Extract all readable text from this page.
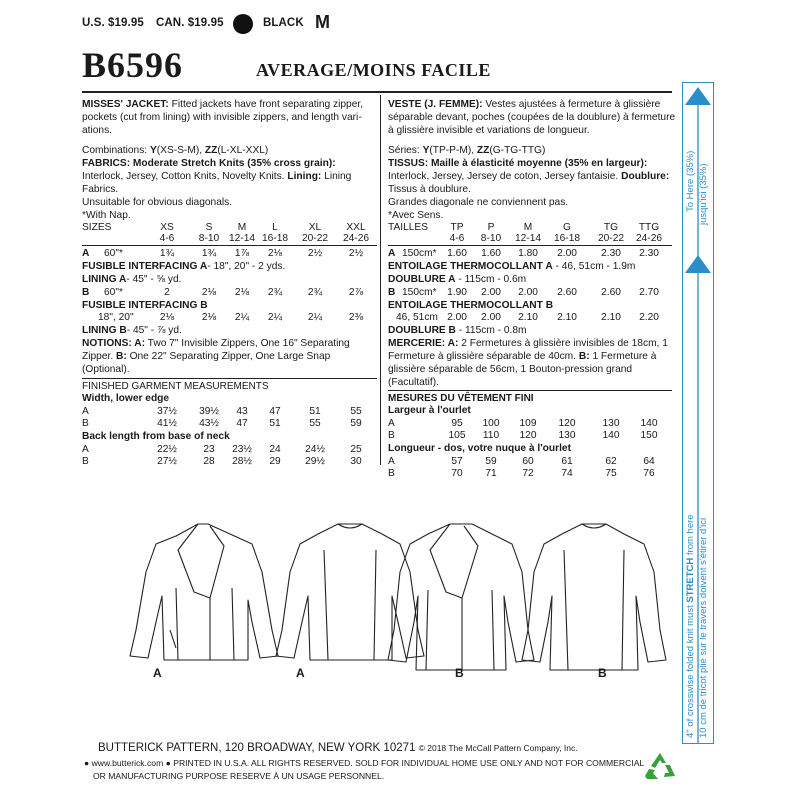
U.S. $19.95 CAN. $19.95	BLACK M
B6596	AVERAGE/MOINS FACILE
MISSES' JACKET: Fitted jackets have front separating zipper,
pockets (cut from lining) with invisible zippers, and length vari-
ations.
Combinations: Y(XS-S-M), ZZ(L-XL-XXL)
FABRICS: Moderate Stretch Knits (35% cross grain):
Interlock, Jersey, Cotton Knits, Novelty Knits. Lining: Lining
Fabrics.
Unsuitable for obvious diagonals.
*With Nap.
SIZES	XS	S	M	L	XL	XXL
4-6	8-10 12-14 16-18 20-22 24-26
A 60"*	1¾	1¾	1⅞	2⅛	2½	2½
FUSIBLE INTERFACING A- 18", 20" - 2 yds.
LINING A- 45" - ⅝ yd.
B 60"*	2	2⅛	2⅛	2¾	2¾	2⅞
FUSIBLE INTERFACING B
18", 20"	2⅛	2⅛	2¼	2¼	2¼	2⅜
LINING B- 45" - ⅞ yd.
NOTIONS: A: Two 7" Invisible Zippers, One 16" Separating
Zipper. B: One 22" Separating Zipper, One Large Snap
(Optional).
FINISHED GARMENT MEASUREMENTS
Width, lower edge
A	37½	39½	43	47	51	55
B	41½	43½	47	51	55	59
Back length from base of neck
A	22½	23	23½	24	24½	25
B	27½	28	28½	29	29½	30
VESTE (J. FEMME): Vestes ajustées à fermeture à glissière
séparable devant, poches (coupées de la doublure) à fermeture
à glissière invisible et variations de longueur.
Séries: Y(TP-P-M), ZZ(G-TG-TTG)
TISSUS: Maille à élasticité moyenne (35% en largeur):
Interlock, Jersey, Jersey de coton, Jersey fantaisie. Doublure:
Tissus à doublure.
Grandes diagonale ne conviennent pas.
*Avec Sens.
TAILLES	TP	P	M	G	TG	TTG
4-6	8-10	12-14 16-18 20-22 24-26
A 150cm*	1.60	1.60	1.80	2.00	2.30	2.30
ENTOILAGE THERMOCOLLANT A - 46, 51cm - 1.9m
DOUBLURE A - 115cm - 0.6m
B 150cm*	1.90	2.00	2.00	2.60	2.60	2.70
ENTOILAGE THERMOCOLLANT B
46, 51cm 2.00	2.00	2.10	2.10	2.10	2.20
DOUBLURE B - 115cm - 0.8m
MERCERIE: A: 2 Fermetures à glissière invisibles de 18cm, 1
Fermeture à glissière séparable de 40cm. B: 1 Fermeture à
glissière séparable de 56cm, 1 Bouton-pression grand
(Facultatif).
MESURES DU VÊTEMENT FINI
Largeur à l'ourlet
A	95	100	109	120	130	140
B	105	110	120	130	140	150
Longueur - dos, votre nuque à l'ourlet
A	57	59	60	61	62	64
B	70	71	72	74	75	76
To Here (35%) jusqu'ici (35%)
4" of crosswise folded knit must STRETCH from here 10 cm de tricot plié sur le travers doivent s'étirer d'ici
A	A	B	B
BUTTERICK PATTERN, 120 BROADWAY, NEW YORK 10271 © 2018 The McCall Pattern Company, Inc.
● www.butterick.com ● PRINTED IN U.S.A. ALL RIGHTS RESERVED. SOLD FOR INDIVIDUAL HOME USE ONLY AND NOT FOR COMMERCIAL
OR MANUFACTURING PURPOSE RESERVE À UN USAGE PERSONNEL.
